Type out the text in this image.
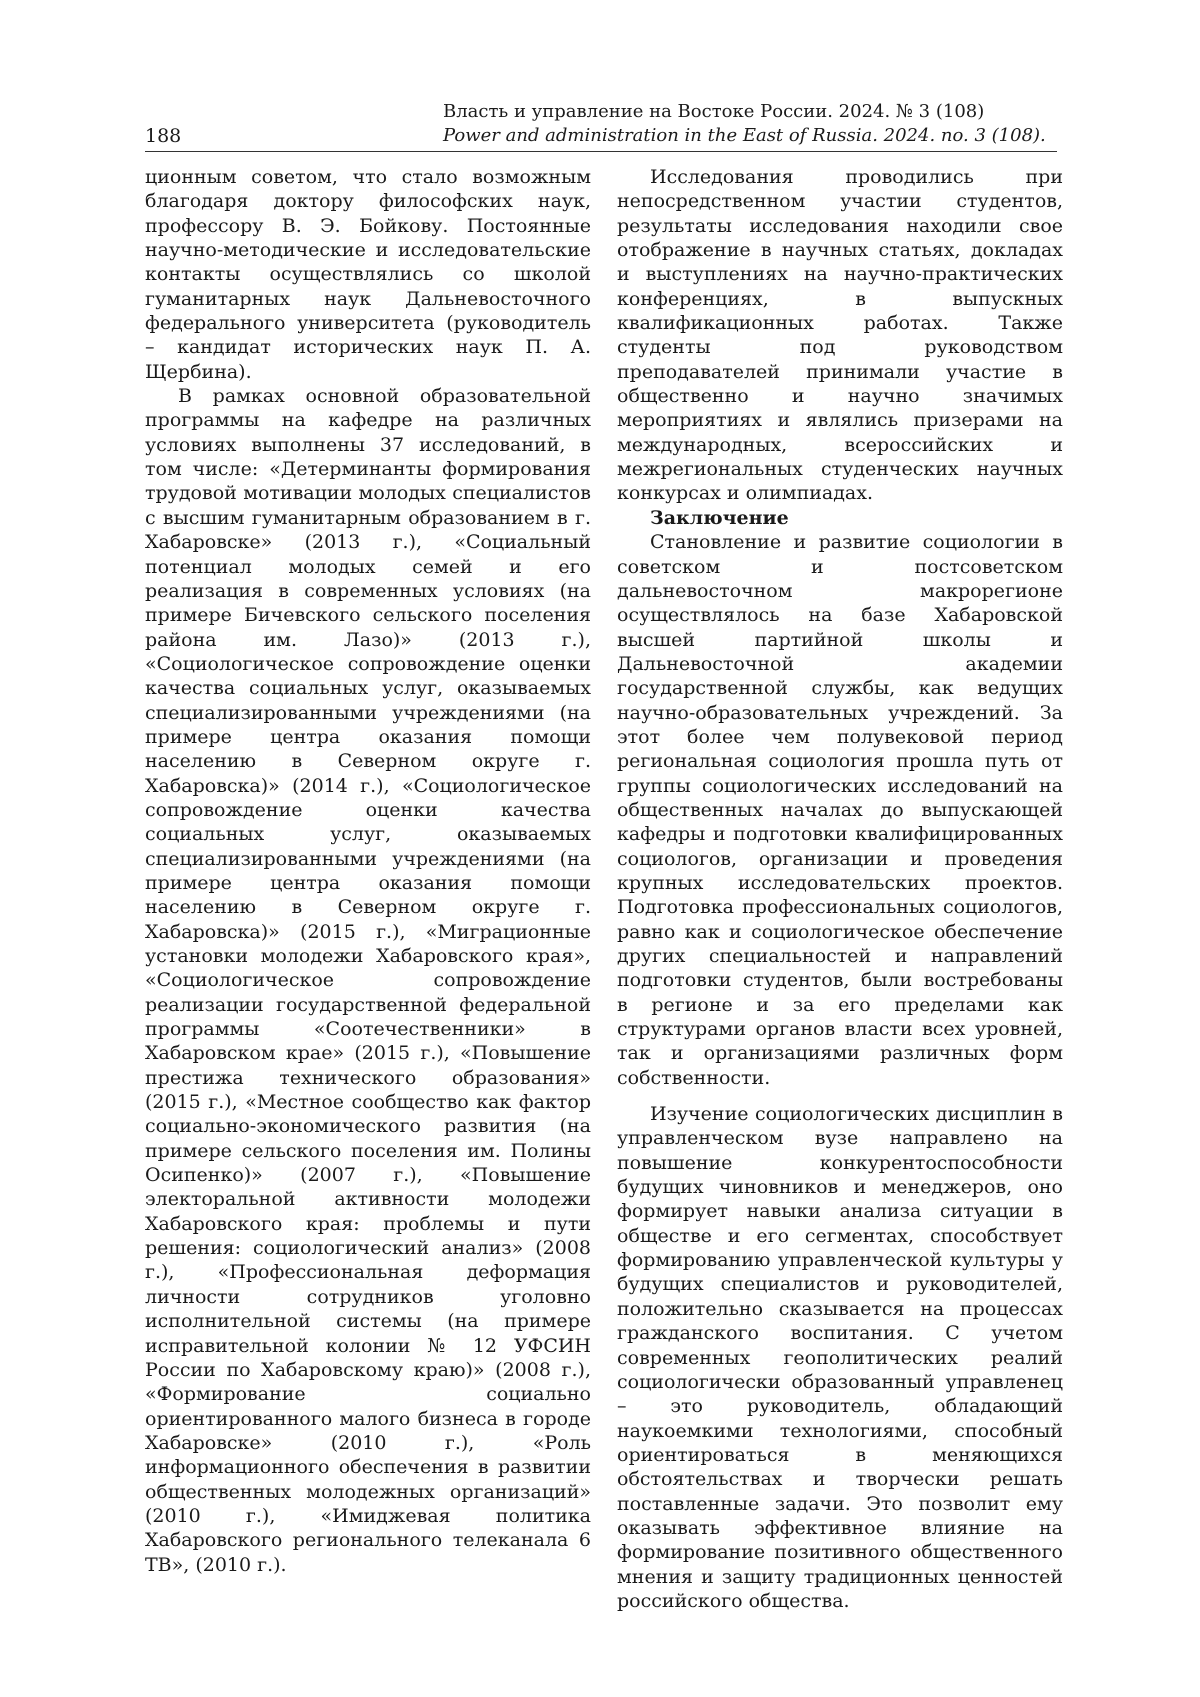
188
Власть и управление на Востоке России. 2024. № 3 (108)
Power and administration in the East of Russia. 2024. no. 3 (108).

ционным советом, что стало возможным благодаря доктору философских наук, профессору В. Э. Бойкову. Постоянные научно-методические и исследовательские контакты осуществлялись со школой гуманитарных наук Дальневосточного федерального университета (руководитель – кандидат исторических наук П. А. Щербина).

В рамках основной образовательной программы на кафедре на различных условиях выполнены 37 исследований, в том числе: «Детерминанты формирования трудовой мотивации молодых специалистов с высшим гуманитарным образованием в г. Хабаровске» (2013 г.), «Социальный потенциал молодых семей и его реализация в современных условиях (на примере Бичевского сельского поселения района им. Лазо)» (2013 г.), «Социологическое сопровождение оценки качества социальных услуг, оказываемых специализированными учреждениями (на примере центра оказания помощи населению в Северном округе г. Хабаровска)» (2014 г.), «Социологическое сопровождение оценки качества социальных услуг, оказываемых специализированными учреждениями (на примере центра оказания помощи населению в Северном округе г. Хабаровска)» (2015 г.), «Миграционные установки молодежи Хабаровского края», «Социологическое сопровождение реализации государственной федеральной программы «Соотечественники» в Хабаровском крае» (2015 г.), «Повышение престижа технического образования» (2015 г.), «Местное сообщество как фактор социально-экономического развития (на примере сельского поселения им. Полины Осипенко)» (2007 г.), «Повышение электоральной активности молодежи Хабаровского края: проблемы и пути решения: социологический анализ» (2008 г.), «Профессиональная деформация личности сотрудников уголовно исполнительной системы (на примере исправительной колонии № 12 УФСИН России по Хабаровскому краю)» (2008 г.), «Формирование социально ориентированного малого бизнеса в городе Хабаровске» (2010 г.), «Роль информационного обеспечения в развитии общественных молодежных организаций» (2010 г.), «Имиджевая политика Хабаровского регионального телеканала 6 ТВ», (2010 г.).

Исследования проводились при непосредственном участии студентов, результаты исследования находили свое отображение в научных статьях, докладах и выступлениях на научно-практических конференциях, в выпускных квалификационных работах. Также студенты под руководством преподавателей принимали участие в общественно и научно значимых мероприятиях и являлись призерами на международных, всероссийских и межрегиональных студенческих научных конкурсах и олимпиадах.

Заключение

Становление и развитие социологии в советском и постсоветском дальневосточном макрорегионе осуществлялось на базе Хабаровской высшей партийной школы и Дальневосточной академии государственной службы, как ведущих научно-образовательных учреждений. За этот более чем полувековой период региональная социология прошла путь от группы социологических исследований на общественных началах до выпускающей кафедры и подготовки квалифицированных социологов, организации и проведения крупных исследовательских проектов. Подготовка профессиональных социологов, равно как и социологическое обеспечение других специальностей и направлений подготовки студентов, были востребованы в регионе и за его пределами как структурами органов власти всех уровней, так и организациями различных форм собственности.

Изучение социологических дисциплин в управленческом вузе направлено на повышение конкурентоспособности будущих чиновников и менеджеров, оно формирует навыки анализа ситуации в обществе и его сегментах, способствует формированию управленческой культуры у будущих специалистов и руководителей, положительно сказывается на процессах гражданского воспитания. С учетом современных геополитических реалий социологически образованный управленец – это руководитель, обладающий наукоемкими технологиями, способный ориентироваться в меняющихся обстоятельствах и творчески решать поставленные задачи. Это позволит ему оказывать эффективное влияние на формирование позитивного общественного мнения и защиту традиционных ценностей российского общества.
